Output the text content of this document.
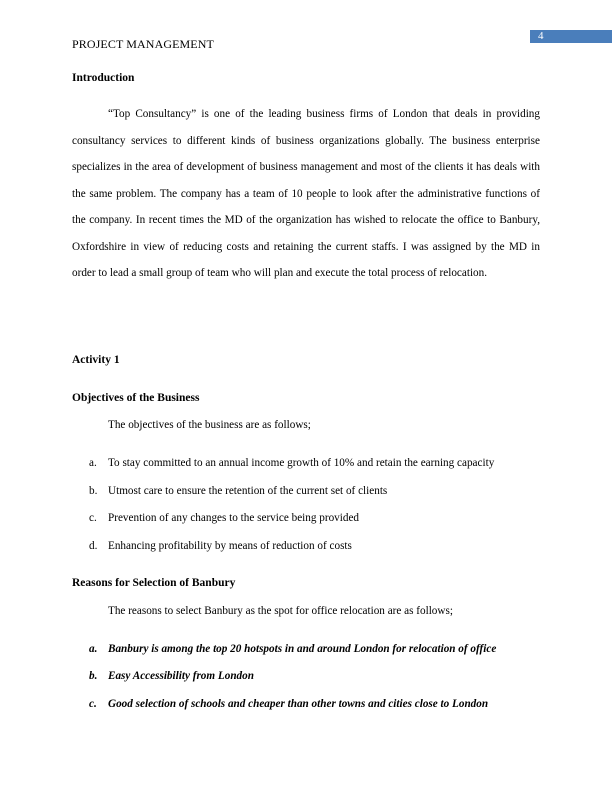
4
PROJECT MANAGEMENT
Introduction

“Top Consultancy” is one of the leading business firms of London that deals in providing consultancy services to different kinds of business organizations globally. The business enterprise specializes in the area of development of business management and most of the clients it has deals with the same problem. The company has a team of 10 people to look after the administrative functions of the company. In recent times the MD of the organization has wished to relocate the office to Banbury, Oxfordshire in view of reducing costs and retaining the current staffs. I was assigned by the MD in order to lead a small group of team who will plan and execute the total process of relocation.

Activity 1
Objectives of the Business
The objectives of the business are as follows;
a. To stay committed to an annual income growth of 10% and retain the earning capacity
b. Utmost care to ensure the retention of the current set of clients
c. Prevention of any changes to the service being provided
d. Enhancing profitability by means of reduction of costs
Reasons for Selection of Banbury
The reasons to select Banbury as the spot for office relocation are as follows;
a. Banbury is among the top 20 hotspots in and around London for relocation of office
b. Easy Accessibility from London
c. Good selection of schools and cheaper than other towns and cities close to London
